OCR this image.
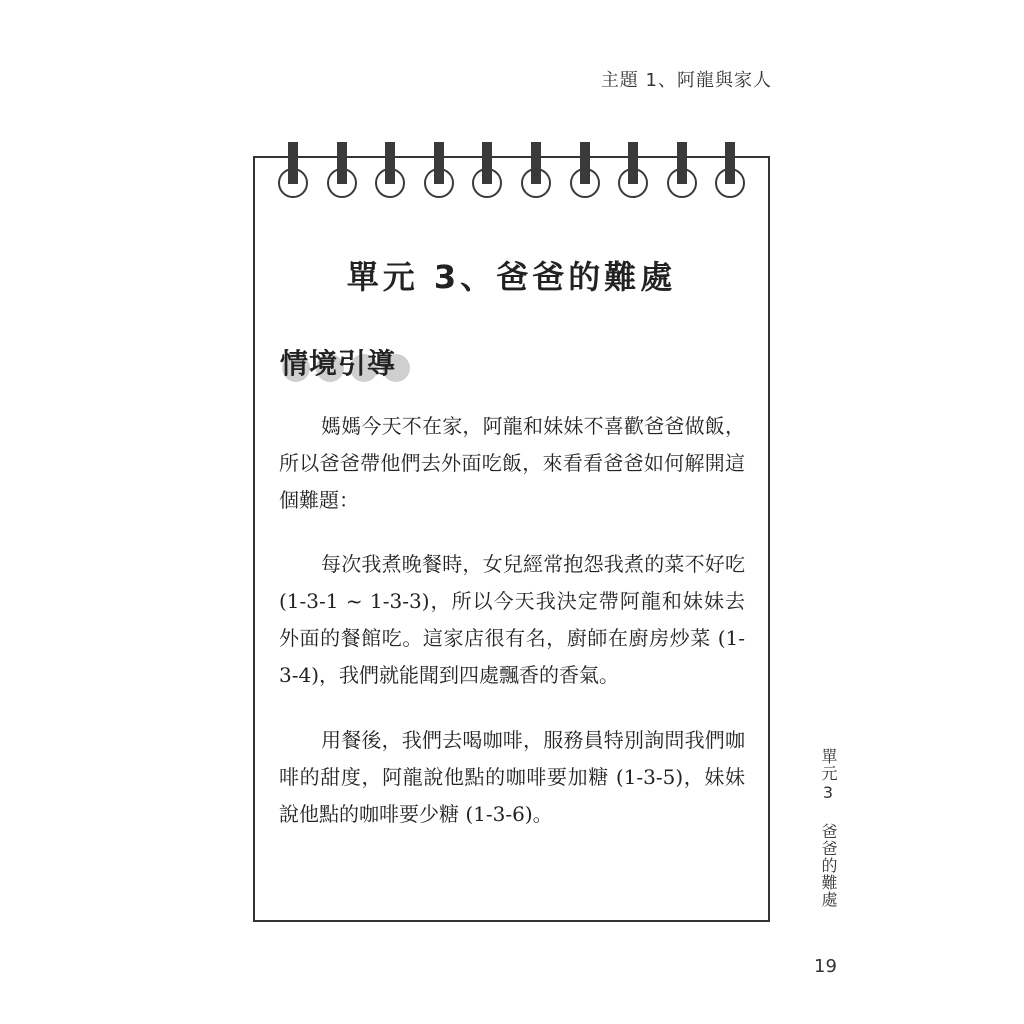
主題 1、阿龍與家人
單元 3、爸爸的難處
情境引導

媽媽今天不在家，阿龍和妹妹不喜歡爸爸做飯，所以爸爸帶他們去外面吃飯，來看看爸爸如何解開這個難題：

每次我煮晚餐時，女兒經常抱怨我煮的菜不好吃 (1-3-1 ~ 1-3-3)，所以今天我決定帶阿龍和妹妹去外面的餐館吃。這家店很有名，廚師在廚房炒菜 (1-3-4)，我們就能聞到四處飄香的香氣。

用餐後，我們去喝咖啡，服務員特別詢問我們咖啡的甜度，阿龍說他點的咖啡要加糖 (1-3-5)，妹妹說他點的咖啡要少糖 (1-3-6)。

單元
3
爸爸的難處
19
